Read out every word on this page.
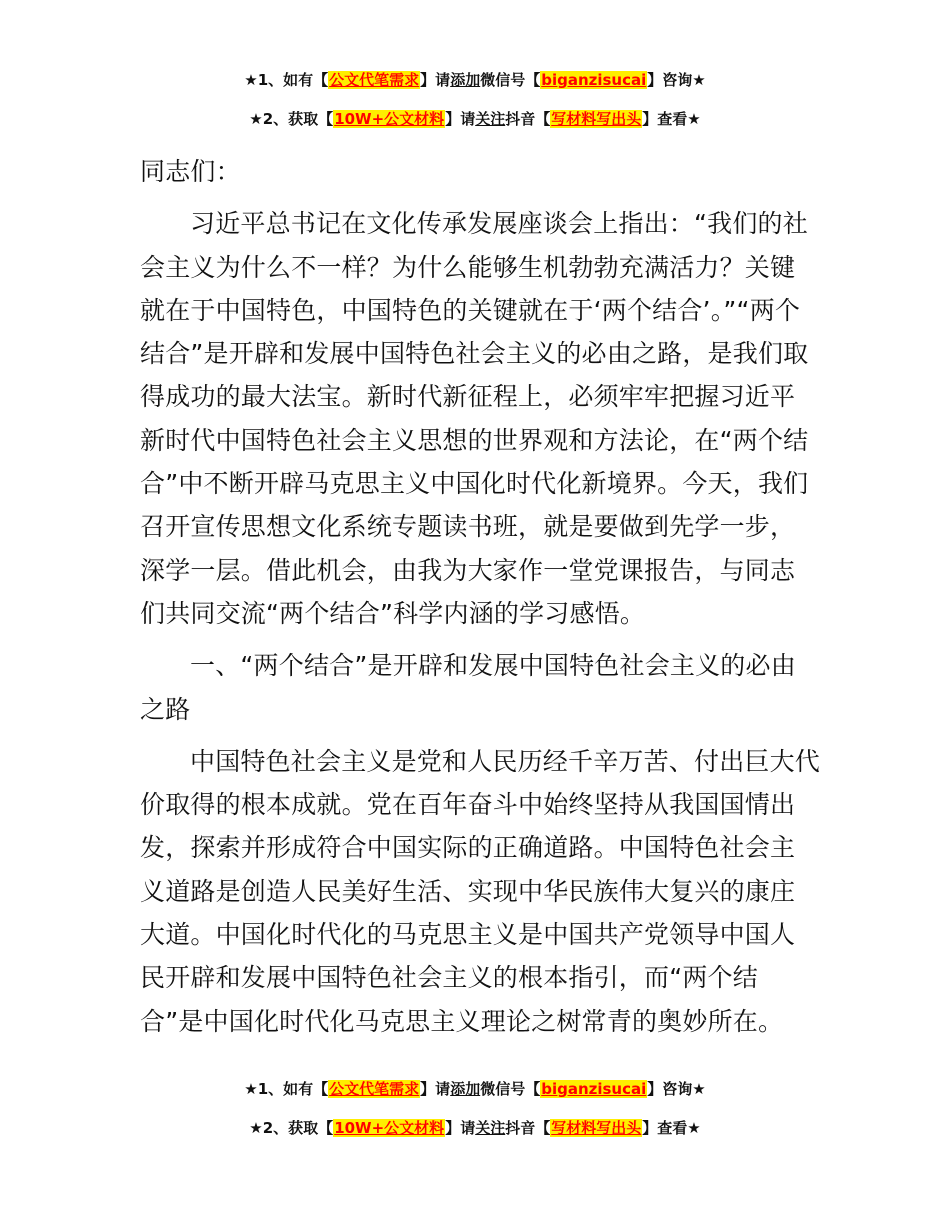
★1、如有【公文代笔需求】请添加微信号【biganzisucai】咨询★
★2、获取【10W+公文材料】请关注抖音【写材料写出头】查看★

同志们：

习近平总书记在文化传承发展座谈会上指出：“我们的社会主义为什么不一样？为什么能够生机勃勃充满活力？关键就在于中国特色，中国特色的关键就在于‘两个结合’。”“两个结合”是开辟和发展中国特色社会主义的必由之路，是我们取得成功的最大法宝。新时代新征程上，必须牢牢把握习近平新时代中国特色社会主义思想的世界观和方法论，在“两个结合”中不断开辟马克思主义中国化时代化新境界。今天，我们召开宣传思想文化系统专题读书班，就是要做到先学一步，深学一层。借此机会，由我为大家作一堂党课报告，与同志们共同交流“两个结合”科学内涵的学习感悟。

一、“两个结合”是开辟和发展中国特色社会主义的必由之路

中国特色社会主义是党和人民历经千辛万苦、付出巨大代价取得的根本成就。党在百年奋斗中始终坚持从我国国情出发，探索并形成符合中国实际的正确道路。中国特色社会主义道路是创造人民美好生活、实现中华民族伟大复兴的康庄大道。中国化时代化的马克思主义是中国共产党领导中国人民开辟和发展中国特色社会主义的根本指引，而“两个结合”是中国化时代化马克思主义理论之树常青的奥妙所在。

★1、如有【公文代笔需求】请添加微信号【biganzisucai】咨询★
★2、获取【10W+公文材料】请关注抖音【写材料写出头】查看★
